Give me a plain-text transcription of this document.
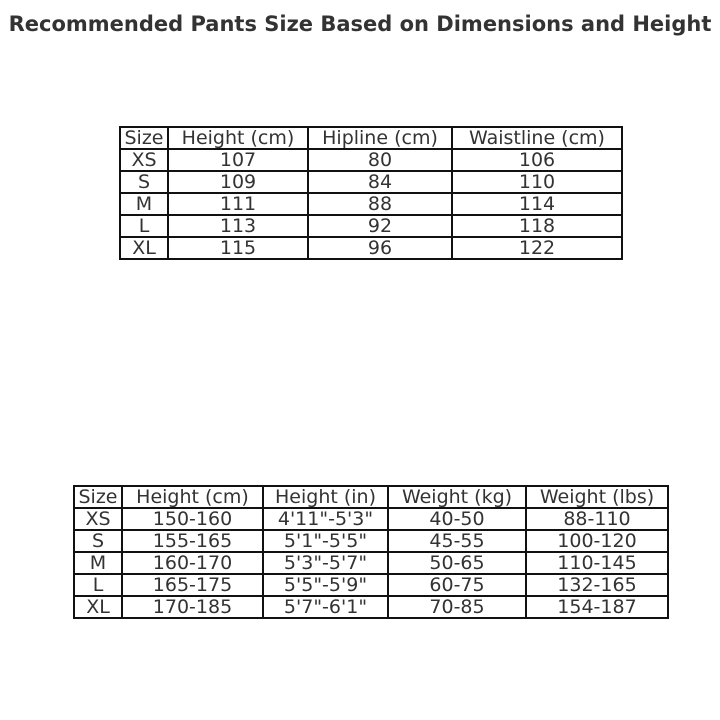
Recommended Pants Size Based on Dimensions and Height
Size	Height (cm)	Hipline (cm)	Waistline (cm)
XS	107	80	106
S	109	84	110
M	111	88	114
L	113	92	118
XL	115	96	122
Size	Height (cm)	Height (in)	Weight (kg)	Weight (lbs)
XS	150-160	4'11"-5'3"	40-50	88-110
S	155-165	5'1"-5'5"	45-55	100-120
M	160-170	5'3"-5'7"	50-65	110-145
L	165-175	5'5"-5'9"	60-75	132-165
XL	170-185	5'7"-6'1"	70-85	154-187
